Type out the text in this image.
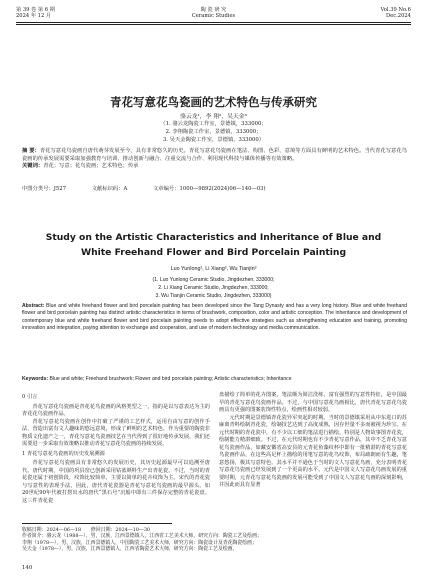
第 39 卷 第 6 期
2024 年 12 月
陶 瓷 研 究
Ceramic Studies
Vol.39 No.6
Dec.2024
青花写意花鸟瓷画的艺术特色与传承研究
骆云龙¹，李 翔²，吴天金³
（1. 骆云龙陶瓷工作室，景德镇，333000；
2. 李翔陶瓷工作室，景德镇，333000；
3. 吴天金陶瓷工作室，景德镇，333000）
摘 要：青花写意花鸟瓷画自唐代萌芽发展至今，具有非常悠久的历史。青花写意花鸟瓷画在笔法、构图、色彩、意境等方面具有鲜明的艺术特色。当代青花写意花鸟瓷画的传承发展需要采取加强教育与培训、推动创新与融合、注重交流与合作、利用现代科技与媒体传播等有效策略。
关键词：青花；写意；花鸟瓷画；艺术特色；传承
中图分类号：J527	文献标识码：A	文章编号：1000—9892(2024)06—140—03)
Study on the Artistic Characteristics and Inheritance of Blue and White Freehand Flower and Bird Porcelain Painting
Luo Yunlong¹, Li Xiang², Wu Tianjin³
(1. Luo Yunlong Ceramic Studio, Jingdezhen, 333000;
2. Li Xiang Ceramic Studio, Jingdezhen, 333000;
3. Wu Tianjin Ceramic Studio, Jingdezhen, 333000)
Abstract: Blue and white freehand flower and bird porcelain painting has been developed since the Tang Dynasty and has a very long history. Blue and white freehand flower and bird porcelain painting has distinct artistic characteristics in terms of brushwork, composition, color and artistic conception. The inheritance and development of contemporary blue and white freehand flower and bird porcelain painting needs to adopt effective strategies such as strengthening education and training, promoting innovation and integration, paying attention to exchange and cooperation, and use of modern technology and media communication.
Keywords: Blue and white; Freehand brushwork; Flower and bird porcelain painting; Artistic characteristics; Inheritance
0 引言

青花写意花鸟瓷画是青花花鸟瓷画的风格类型之一，指的是以写意表达为主的青花花鸟瓷画作品。

青花写意花鸟瓷画在创作中打破了严谨的工艺样式，运用自由写意的创作手法，营造出富有文人趣味的悠远意境，形成了鲜明的艺术特色，作为重要的陶瓷非物质文化遗产之一，青花写意花鸟瓷画技艺在当代得到了很好地传承发展。我们还需要进一步采取有效策略以推动青花写意花鸟瓷画的持续发展。

1 青花写意花鸟瓷画的历史发展溯源

青花写意花鸟瓷画具有非常悠久的发展历史，其历史起源最早可以追溯至唐代。唐代时期，中国的巩县窑已创新采用钴蓝颜料生产出青花瓷。不过，当时的青花瓷还属于初创阶段，纹饰比较简单，主要以简单的花卉纹饰为主。宋代的青花瓷与写意性的表现手法，因此，唐代青花瓷器是青花写意花鸟瓷画的最早源头。如20世纪90年代被打捞出水的唐代“黑石号”沉船中即有三件保存完整的青花瓷盘。这三件青花瓷

盘描绘了简单的花卉图案，笔法颇为简洁洗练，富有强烈的写意性特征，是中国最早的青花写意花鸟瓷画作品。不过，与中国写意花鸟画相比，唐代青花写意花鸟瓷画具有更强的图案装饰性特点，绘画性相对较弱。

元代时期是景德镇青花瓷异军突起的时期。当时的景德镇采用从中东进口的苏麻离青料绘制青花瓷，绘制技艺达到了高度成熟，因存世量不多而被视为珍宝。在元代时期的青花瓷中，有不少以工细的笔法进行描绘，特别是人物故事图青花瓷，绘制能力精湛细致。不过，在元代时期也有不少青花写意作品，其中不乏青花写意花鸟瓷画作品，如藏安徽省高安县的元青花鱼藻纹杯中即有一批精湛的青花写意花鸟瓷画作品，在这些高足杯上描绘的用笔写意的花鸟纹饰，布局疏朗而有生趣，笔意悠扬，极其写意特色。其水平并不逊色于当时的文人写意花鸟画，充分表明青花写意花鸟瓷画已经发展到了一个更高的水平。元代是中国文人写意花鸟画发展的重要时期，元青花写意花鸟瓷画的发展可能受到了中国文人写意花鸟画的深刻影响，并因此而具有显著

收稿日期：2024—06—18　　修回日期：2024—10—30
作者简介：骆云龙（1988—），男，汉族，江西景德镇人，江西省工艺美术大师，研究方向：陶瓷工艺及绘画；
李翔（1978—），男，汉族，江西景德镇人，中国陶瓷工艺美术大师，研究方向：陶瓷设计及青花陶瓷绘画；
吴天金（1978—），男，汉族，江西景德镇人，江西省陶瓷艺术大师，研究方向：陶瓷工艺及绘画。
140
